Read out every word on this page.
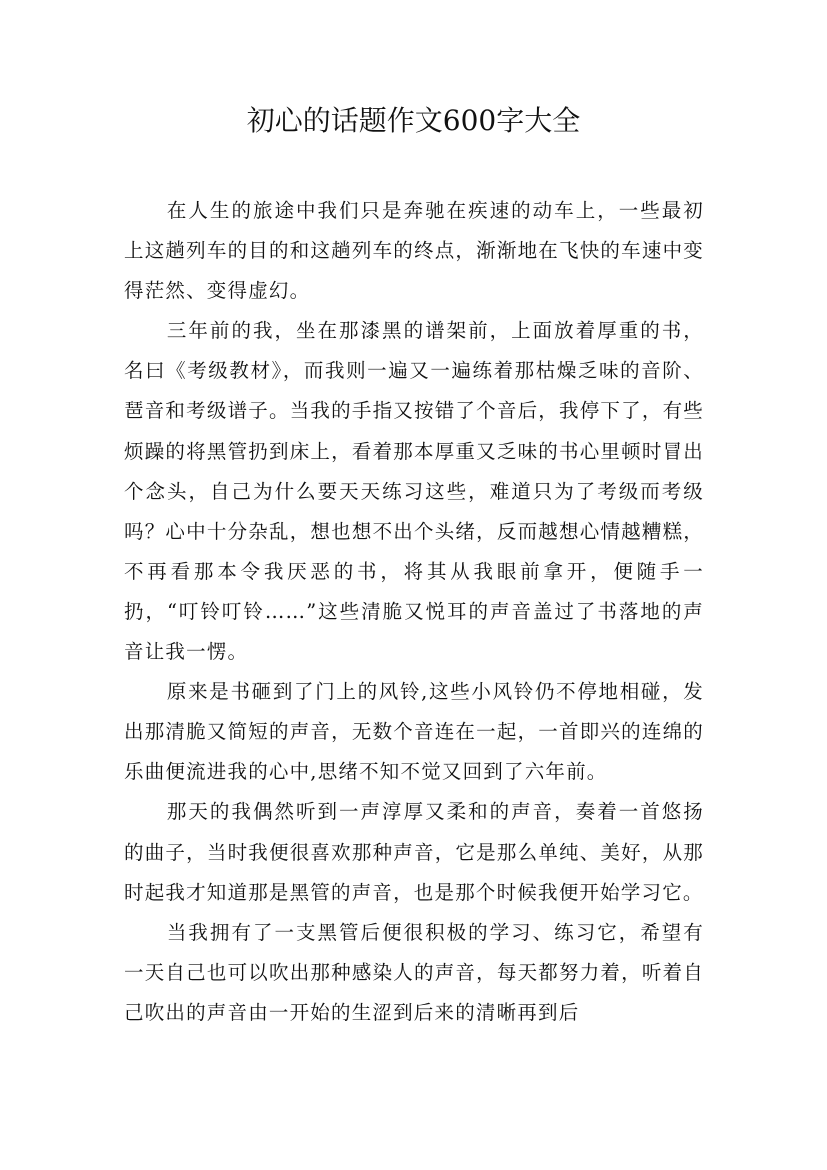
初心的话题作文600字大全

在人生的旅途中我们只是奔驰在疾速的动车上，一些最初上这趟列车的目的和这趟列车的终点，渐渐地在飞快的车速中变得茫然、变得虚幻。

三年前的我，坐在那漆黑的谱架前，上面放着厚重的书，名曰《考级教材》，而我则一遍又一遍练着那枯燥乏味的音阶、琶音和考级谱子。当我的手指又按错了个音后，我停下了，有些烦躁的将黑管扔到床上，看着那本厚重又乏味的书心里顿时冒出个念头，自己为什么要天天练习这些，难道只为了考级而考级吗？心中十分杂乱，想也想不出个头绪，反而越想心情越糟糕，不再看那本令我厌恶的书，将其从我眼前拿开，便随手一扔，“叮铃叮铃……”这些清脆又悦耳的声音盖过了书落地的声音让我一愣。

原来是书砸到了门上的风铃,这些小风铃仍不停地相碰，发出那清脆又简短的声音，无数个音连在一起，一首即兴的连绵的乐曲便流进我的心中,思绪不知不觉又回到了六年前。

那天的我偶然听到一声淳厚又柔和的声音，奏着一首悠扬的曲子，当时我便很喜欢那种声音，它是那么单纯、美好，从那时起我才知道那是黑管的声音，也是那个时候我便开始学习它。

当我拥有了一支黑管后便很积极的学习、练习它，希望有一天自己也可以吹出那种感染人的声音，每天都努力着，听着自己吹出的声音由一开始的生涩到后来的清晰再到后
